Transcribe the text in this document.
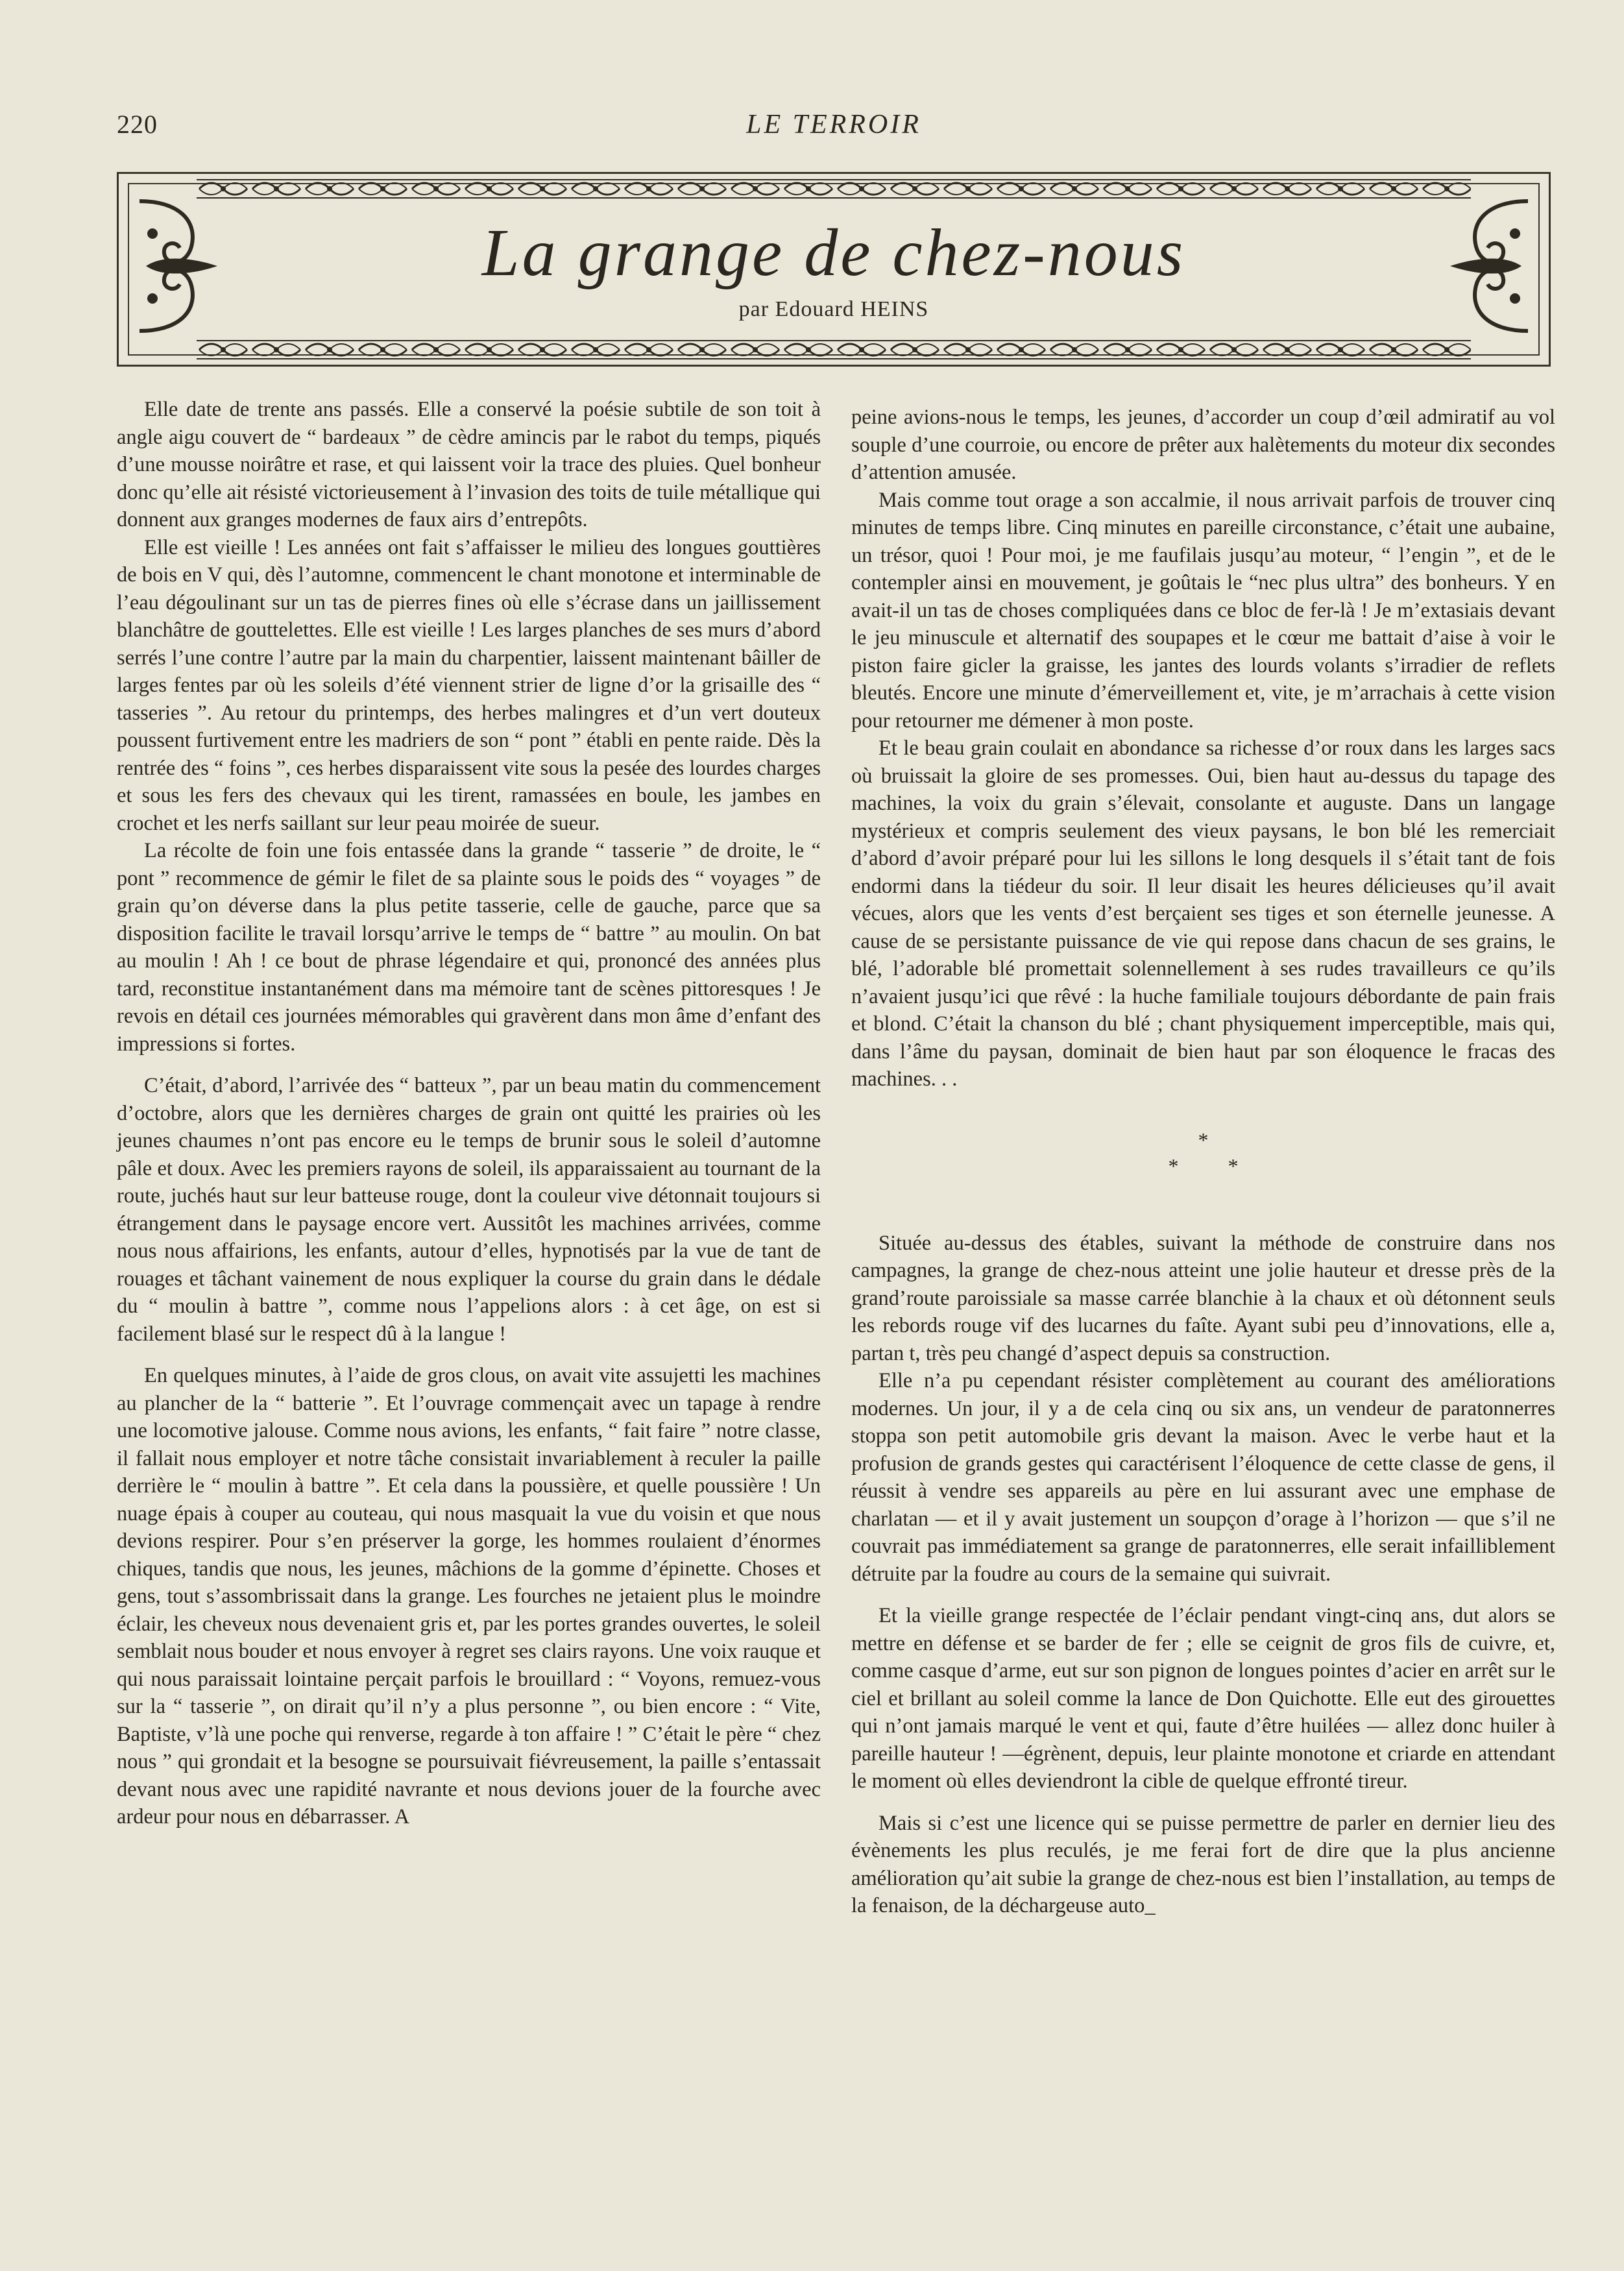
220	LE TERROIR
La grange de chez-nous
par Edouard HEINS

Elle date de trente ans passés. Elle a conservé la poésie subtile de son toit à angle aigu couvert de “ bardeaux ” de cèdre amincis par le rabot du temps, piqués d’une mousse noirâtre et rase, et qui laissent voir la trace des pluies. Quel bonheur donc qu’elle ait résisté victorieusement à l’invasion des toits de tuile métallique qui donnent aux granges modernes de faux airs d’entrepôts.

Elle est vieille ! Les années ont fait s’affaisser le milieu des longues gouttières de bois en V qui, dès l’automne, commencent le chant monotone et interminable de l’eau dégoulinant sur un tas de pierres fines où elle s’écrase dans un jaillissement blanchâtre de gouttelettes. Elle est vieille ! Les larges planches de ses murs d’abord serrés l’une contre l’autre par la main du charpentier, laissent maintenant bâiller de larges fentes par où les soleils d’été viennent strier de ligne d’or la grisaille des “ tasseries ”. Au retour du printemps, des herbes malingres et d’un vert douteux poussent furtivement entre les madriers de son “ pont ” établi en pente raide. Dès la rentrée des “ foins ”, ces herbes disparaissent vite sous la pesée des lourdes charges et sous les fers des chevaux qui les tirent, ramassées en boule, les jambes en crochet et les nerfs saillant sur leur peau moirée de sueur.

La récolte de foin une fois entassée dans la grande “ tasserie ” de droite, le “ pont ” recommence de gémir le filet de sa plainte sous le poids des “ voyages ” de grain qu’on déverse dans la plus petite tasserie, celle de gauche, parce que sa disposition facilite le travail lorsqu’arrive le temps de “ battre ” au moulin. On bat au moulin ! Ah ! ce bout de phrase légendaire et qui, prononcé des années plus tard, reconstitue instantanément dans ma mémoire tant de scènes pittoresques ! Je revois en détail ces journées mémorables qui gravèrent dans mon âme d’enfant des impressions si fortes.

C’était, d’abord, l’arrivée des “ batteux ”, par un beau matin du commencement d’octobre, alors que les dernières charges de grain ont quitté les prairies où les jeunes chaumes n’ont pas encore eu le temps de brunir sous le soleil d’automne pâle et doux. Avec les premiers rayons de soleil, ils apparaissaient au tournant de la route, juchés haut sur leur batteuse rouge, dont la couleur vive détonnait toujours si étrangement dans le paysage encore vert. Aussitôt les machines arrivées, comme nous nous affairions, les enfants, autour d’elles, hypnotisés par la vue de tant de rouages et tâchant vainement de nous expliquer la course du grain dans le dédale du “ moulin à battre ”, comme nous l’appelions alors : à cet âge, on est si facilement blasé sur le respect dû à la langue !

En quelques minutes, à l’aide de gros clous, on avait vite assujetti les machines au plancher de la “ batterie ”. Et l’ouvrage commençait avec un tapage à rendre une locomotive jalouse. Comme nous avions, les enfants, “ fait faire ” notre classe, il fallait nous employer et notre tâche consistait invariablement à reculer la paille derrière le “ moulin à battre ”. Et cela dans la poussière, et quelle poussière ! Un nuage épais à couper au couteau, qui nous masquait la vue du voisin et que nous devions respirer. Pour s’en préserver la gorge, les hommes roulaient d’énormes chiques, tandis que nous, les jeunes, mâchions de la gomme d’épinette. Choses et gens, tout s’assombrissait dans la grange. Les fourches ne jetaient plus le moindre éclair, les cheveux nous devenaient gris et, par les portes grandes ouvertes, le soleil semblait nous bouder et nous envoyer à regret ses clairs rayons. Une voix rauque et qui nous paraissait lointaine perçait parfois le brouillard : “ Voyons, remuez-vous sur la “ tasserie ”, on dirait qu’il n’y a plus personne ”, ou bien encore : “ Vite, Baptiste, v’là une poche qui renverse, regarde à ton affaire ! ” C’était le père “ chez nous ” qui grondait et la besogne se poursuivait fiévreusement, la paille s’entassait devant nous avec une rapidité navrante et nous devions jouer de la fourche avec ardeur pour nous en débarrasser. A

peine avions-nous le temps, les jeunes, d’accorder un coup d’œil admiratif au vol souple d’une courroie, ou encore de prêter aux halètements du moteur dix secondes d’attention amusée.

Mais comme tout orage a son accalmie, il nous arrivait parfois de trouver cinq minutes de temps libre. Cinq minutes en pareille circonstance, c’était une aubaine, un trésor, quoi ! Pour moi, je me faufilais jusqu’au moteur, “ l’engin ”, et de le contempler ainsi en mouvement, je goûtais le “nec plus ultra” des bonheurs. Y en avait-il un tas de choses compliquées dans ce bloc de fer-là ! Je m’extasiais devant le jeu minuscule et alternatif des soupapes et le cœur me battait d’aise à voir le piston faire gicler la graisse, les jantes des lourds volants s’irradier de reflets bleutés. Encore une minute d’émerveillement et, vite, je m’arrachais à cette vision pour retourner me démener à mon poste.

Et le beau grain coulait en abondance sa richesse d’or roux dans les larges sacs où bruissait la gloire de ses promesses. Oui, bien haut au-dessus du tapage des machines, la voix du grain s’élevait, consolante et auguste. Dans un langage mystérieux et compris seulement des vieux paysans, le bon blé les remerciait d’abord d’avoir préparé pour lui les sillons le long desquels il s’était tant de fois endormi dans la tiédeur du soir. Il leur disait les heures délicieuses qu’il avait vécues, alors que les vents d’est berçaient ses tiges et son éternelle jeunesse. A cause de se persistante puissance de vie qui repose dans chacun de ses grains, le blé, l’adorable blé promettait solennellement à ses rudes travailleurs ce qu’ils n’avaient jusqu’ici que rêvé : la huche familiale toujours débordante de pain frais et blond. C’était la chanson du blé ; chant physiquement imperceptible, mais qui, dans l’âme du paysan, dominait de bien haut par son éloquence le fracas des machines. . .

*
* *

Située au-dessus des étables, suivant la méthode de construire dans nos campagnes, la grange de chez-nous atteint une jolie hauteur et dresse près de la grand’route paroissiale sa masse carrée blanchie à la chaux et où détonnent seuls les rebords rouge vif des lucarnes du faîte. Ayant subi peu d’innovations, elle a, partan t, très peu changé d’aspect depuis sa construction.

Elle n’a pu cependant résister complètement au courant des améliorations modernes. Un jour, il y a de cela cinq ou six ans, un vendeur de paratonnerres stoppa son petit automobile gris devant la maison. Avec le verbe haut et la profusion de grands gestes qui caractérisent l’éloquence de cette classe de gens, il réussit à vendre ses appareils au père en lui assurant avec une emphase de charlatan — et il y avait justement un soupçon d’orage à l’horizon — que s’il ne couvrait pas immédiatement sa grange de paratonnerres, elle serait infailliblement détruite par la foudre au cours de la semaine qui suivrait.

Et la vieille grange respectée de l’éclair pendant vingt-cinq ans, dut alors se mettre en défense et se barder de fer ; elle se ceignit de gros fils de cuivre, et, comme casque d’arme, eut sur son pignon de longues pointes d’acier en arrêt sur le ciel et brillant au soleil comme la lance de Don Quichotte. Elle eut des girouettes qui n’ont jamais marqué le vent et qui, faute d’être huilées — allez donc huiler à pareille hauteur ! —égrènent, depuis, leur plainte monotone et criarde en attendant le moment où elles deviendront la cible de quelque effronté tireur.

Mais si c’est une licence qui se puisse permettre de parler en dernier lieu des évènements les plus reculés, je me ferai fort de dire que la plus ancienne amélioration qu’ait subie la grange de chez-nous est bien l’installation, au temps de la fenaison, de la déchargeuse auto_
